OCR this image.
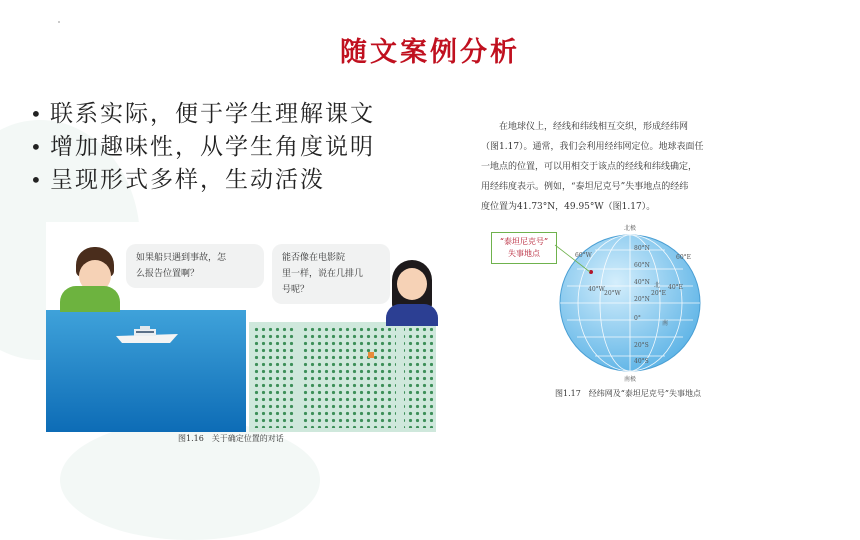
随文案例分析
• 联系实际，便于学生理解课文
• 增加趣味性，从学生角度说明
• 呈现形式多样，生动活泼
如果船只遇到事故，怎
么报告位置啊？
能否像在电影院
里一样，说在几排几
号呢？
图1.16　关于确定位置的对话
在地球仪上，经线和纬线相互交织，形成经纬网
（图1.17）。通常，我们会利用经纬网定位。地球表面任
一地点的位置，可以用相交于该点的经线和纬线确定，
用经纬度表示。例如，“泰坦尼克号”失事地点的经纬
度位置为41.73°N，49.95°W（图1.17）。
“泰坦尼克号”
失事地点
北极
南极
80°N
60°N
40°N
20°N
0°
20°S
40°S
60°W
40°W
20°W	20°E
40°E
60°E
北
南
图1.17　经纬网及“泰坦尼克号”失事地点
